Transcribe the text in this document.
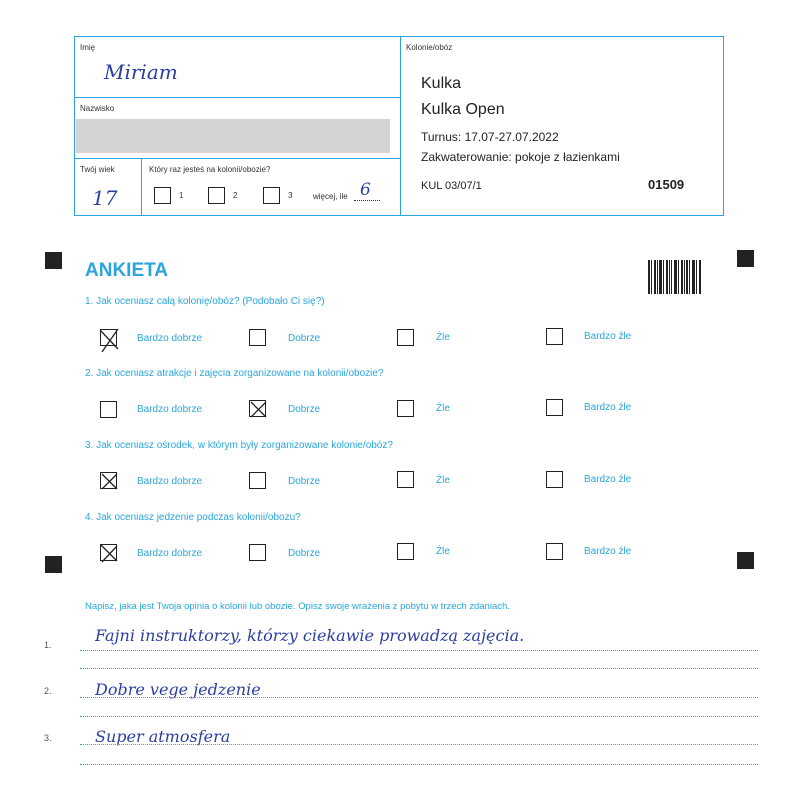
Imię
Miriam
Nazwisko
Twój wiek
17
Który raz jesteś na kolonii/obozie?
1	2	3	więcej, ile 6
Kolonie/obóz
Kulka
Kulka Open
Turnus: 17.07-27.07.2022
Zakwaterowanie: pokoje z łazienkami
KUL 03/07/1	01509
ANKIETA
1. Jak oceniasz całą kolonię/obóz? (Podobało Ci się?)
Bardzo dobrze	Dobrze	Źle	Bardzo źle
2. Jak oceniasz atrakcje i zajęcia zorganizowane na kolonii/obozie?
Bardzo dobrze	Dobrze	Źle	Bardzo źle
3. Jak oceniasz ośrodek, w którym były zorganizowane kolonie/obóz?
Bardzo dobrze	Dobrze	Źle	Bardzo źle
4. Jak oceniasz jedzenie podczas kolonii/obozu?
Bardzo dobrze	Dobrze	Źle	Bardzo źle
Napisz, jaka jest Twoja opinia o kolonii lub obozie. Opisz swoje wrażenia z pobytu w trzech zdaniach.
1.	Fajni instruktorzy, którzy ciekawie prowadzą zajęcia.
2.	Dobre vege jedzenie
3.	Super atmosfera
